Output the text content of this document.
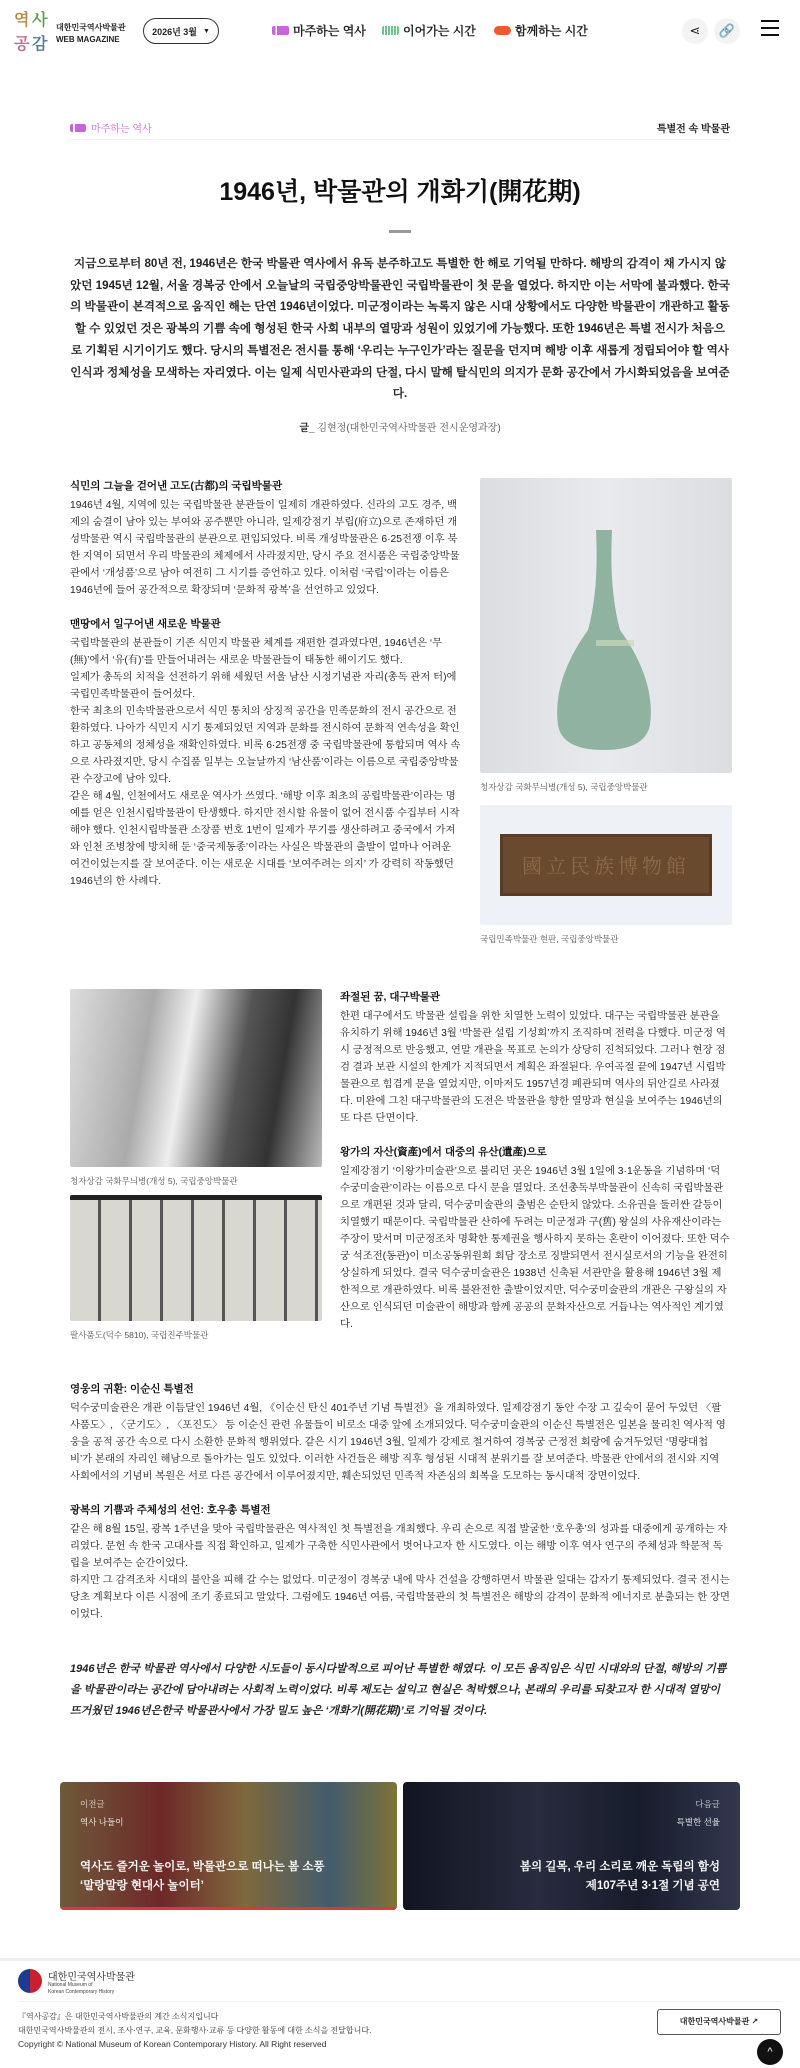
역 사
공 감
대한민국역사박물관
WEB MAGAZINE
2026년 3월 ▼	마주하는 역사	이어가는 시간	함께하는 시간	⋖ 🔗
마주하는 역사	특별전 속 박물관
1946년, 박물관의 개화기(開花期)

지금으로부터 80년 전, 1946년은 한국 박물관 역사에서 유독 분주하고도 특별한 한 해로 기억될 만하다. 해방의 감격이 채 가시지 않았던 1945년 12월, 서울 경복궁 안에서 오늘날의 국립중앙박물관인 국립박물관이 첫 문을 열었다. 하지만 이는 서막에 불과했다. 한국의 박물관이 본격적으로 움직인 해는 단연 1946년이었다. 미군정이라는 녹록지 않은 시대 상황에서도 다양한 박물관이 개관하고 활동할 수 있었던 것은 광복의 기쁨 속에 형성된 한국 사회 내부의 열망과 성원이 있었기에 가능했다. 또한 1946년은 특별 전시가 처음으로 기획된 시기이기도 했다. 당시의 특별전은 전시를 통해 ‘우리는 누구인가’라는 질문을 던지며 해방 이후 새롭게 정립되어야 할 역사 인식과 정체성을 모색하는 자리였다. 이는 일제 식민사관과의 단절, 다시 말해 탈식민의 의지가 문화 공간에서 가시화되었음을 보여준다.

글_ 김현정(대한민국역사박물관 전시운영과장)
식민의 그늘을 걷어낸 고도(古都)의 국립박물관

1946년 4월, 지역에 있는 국립박물관 분관들이 일제히 개관하였다. 신라의 고도 경주, 백제의 숨결이 남아 있는 부여와 공주뿐만 아니라, 일제강점기 부립(府立)으로 존재하던 개성박물관 역시 국립박물관의 분관으로 편입되었다. 비록 개성박물관은 6·25전쟁 이후 북한 지역이 되면서 우리 박물관의 체제에서 사라졌지만, 당시 주요 전시품은 국립중앙박물관에서 ‘개성품’으로 남아 여전히 그 시기를 증언하고 있다. 이처럼 ‘국립’이라는 이름은 1946년에 들어 공간적으로 확장되며 ‘문화적 광복’을 선언하고 있었다.

맨땅에서 일구어낸 새로운 박물관

국립박물관의 분관들이 기존 식민지 박물관 체계를 재편한 결과였다면, 1946년은 ‘무(無)’에서 ‘유(有)’를 만들어내려는 새로운 박물관들이 태동한 해이기도 했다.

일제가 총독의 치적을 선전하기 위해 세웠던 서울 남산 시정기념관 자리(총독 관저 터)에 국립민족박물관이 들어섰다.

한국 최초의 민속박물관으로서 식민 통치의 상징적 공간을 민족문화의 전시 공간으로 전환하였다. 나아가 식민지 시기 통제되었던 지역과 문화를 전시하여 문화적 연속성을 확인하고 공동체의 정체성을 재확인하였다. 비록 6·25전쟁 중 국립박물관에 통합되며 역사 속으로 사라졌지만, 당시 수집품 일부는 오늘날까지 ‘남산품’이라는 이름으로 국립중앙박물관 수장고에 남아 있다.

같은 해 4월, 인천에서도 새로운 역사가 쓰였다. ‘해방 이후 최초의 공립박물관’이라는 명예를 얻은 인천시립박물관이 탄생했다. 하지만 전시할 유물이 없어 전시품 수집부터 시작해야 했다. 인천시립박물관 소장품 번호 1번이 일제가 무기를 생산하려고 중국에서 가져와 인천 조병창에 방치해 둔 ‘중국제동종’이라는 사실은 박물관의 출발이 얼마나 어려운 여건이었는지를 잘 보여준다. 이는 새로운 시대를 ‘보여주려는 의지’ 가 강력히 작동했던 1946년의 한 사례다.

청자상감 국화무늬병(개성 5), 국립중앙박물관
國立民族博物館
국립민족박물관 현판, 국립중앙박물관
청자상감 국화무늬병(개성 5), 국립중앙박물관
팔사품도(덕수 5810), 국립진주박물관
좌절된 꿈, 대구박물관

한편 대구에서도 박물관 설립을 위한 치열한 노력이 있었다. 대구는 국립박물관 분관을 유치하기 위해 1946년 3월 ‘박물관 설립 기성회’까지 조직하며 전력을 다했다. 미군정 역시 긍정적으로 반응했고, 연말 개관을 목표로 논의가 상당히 진척되었다. 그러나 현장 점검 결과 보관 시설의 한계가 지적되면서 계획은 좌절된다. 우여곡절 끝에 1947년 시립박물관으로 힘겹게 문을 열었지만, 이마저도 1957년경 폐관되며 역사의 뒤안길로 사라졌다. 미완에 그친 대구박물관의 도전은 박물관을 향한 열망과 현실을 보여주는 1946년의 또 다른 단면이다.

왕가의 자산(資產)에서 대중의 유산(遺產)으로

일제강점기 ‘이왕가미술관’으로 불리던 곳은 1946년 3월 1일에 3·1운동을 기념하며 ‘덕수궁미술관’이라는 이름으로 다시 문을 열었다. 조선총독부박물관이 신속히 국립박물관으로 개편된 것과 달리, 덕수궁미술관의 출범은 순탄치 않았다. 소유권을 둘러싼 갈등이 치열했기 때문이다. 국립박물관 산하에 두려는 미군정과 구(舊) 왕실의 사유재산이라는 주장이 맞서며 미군정조차 명확한 통제권을 행사하지 못하는 혼란이 이어졌다. 또한 덕수궁 석조전(동관)이 미소공동위원회 회담 장소로 징발되면서 전시실로서의 기능을 완전히 상실하게 되었다. 결국 덕수궁미술관은 1938년 신축된 서관만을 활용해 1946년 3월 제한적으로 개관하였다. 비록 불완전한 출발이었지만, 덕수궁미술관의 개관은 구왕실의 자산으로 인식되던 미술관이 해방과 함께 공공의 문화자산으로 거듭나는 역사적인 계기였다.

영웅의 귀환: 이순신 특별전

덕수궁미술관은 개관 이듬달인 1946년 4월, 《이순신 탄신 401주년 기념 특별전》을 개최하였다. 일제강점기 동안 수장 고 깊숙이 묻어 두었던 〈팔사품도〉, 〈군기도〉, 〈포진도〉 등 이순신 관련 유물들이 비로소 대중 앞에 소개되었다. 덕수궁미술관의 이순신 특별전은 일본을 물리친 역사적 영웅을 공적 공간 속으로 다시 소환한 문화적 행위였다. 같은 시기 1946년 3월, 일제가 강제로 철거하여 경복궁 근정전 회랑에 숨겨두었던 ‘명량대첩비’가 본래의 자리인 해남으로 돌아가는 일도 있었다. 이러한 사건들은 해방 직후 형성된 시대적 분위기를 잘 보여준다. 박물관 안에서의 전시와 지역 사회에서의 기념비 복원은 서로 다른 공간에서 이루어졌지만, 훼손되었던 민족적 자존심의 회복을 도모하는 동시대적 장면이었다.

광복의 기쁨과 주체성의 선언: 호우총 특별전

같은 해 8월 15일, 광복 1주년을 맞아 국립박물관은 역사적인 첫 특별전을 개최했다. 우리 손으로 직접 발굴한 ‘호우총’의 성과를 대중에게 공개하는 자리였다. 문헌 속 한국 고대사를 직접 확인하고, 일제가 구축한 식민사관에서 벗어나고자 한 시도였다. 이는 해방 이후 역사 연구의 주체성과 학문적 독립을 보여주는 순간이었다.

하지만 그 감격조차 시대의 불안을 피해 갈 수는 없었다. 미군정이 경복궁 내에 막사 건설을 강행하면서 박물관 일대는 갑자기 통제되었다. 결국 전시는 당초 계획보다 이른 시점에 조기 종료되고 말았다. 그럼에도 1946년 여름, 국립박물관의 첫 특별전은 해방의 감격이 문화적 에너지로 분출되는 한 장면이었다.

1946년은 한국 박물관 역사에서 다양한 시도들이 동시다발적으로 피어난 특별한 해였다. 이 모든 움직임은 식민 시대와의 단절, 해방의 기쁨을 박물관이라는 공간에 담아내려는 사회적 노력이었다. 비록 제도는 설익고 현실은 척박했으나, 본래의 우리를 되찾고자 한 시대적 열망이 뜨거웠던 1946년은한국 박물관사에서 가장 밀도 높은 ‘개화기(開花期)’로 기억될 것이다.

이전글
역사 나들이
역사도 즐거운 놀이로, 박물관으로 떠나는 봄 소풍
‘말랑말랑 현대사 놀이터’
다음글
특별한 선율
봄의 길목, 우리 소리로 깨운 독립의 함성
제107주년 3·1절 기념 공연
대한민국역사박물관
National Museum of
Korean Contemporary History
『역사공감』은 대한민국역사박물관의 계간 소식지입니다
대한민국역사박물관의 전시, 조사·연구, 교육, 문화행사·교류 등 다양한 활동에 대한 소식을 전달합니다.
Copyright © National Museum of Korean Contemporary History. All Right reserved
대한민국역사박물관 ↗
^
